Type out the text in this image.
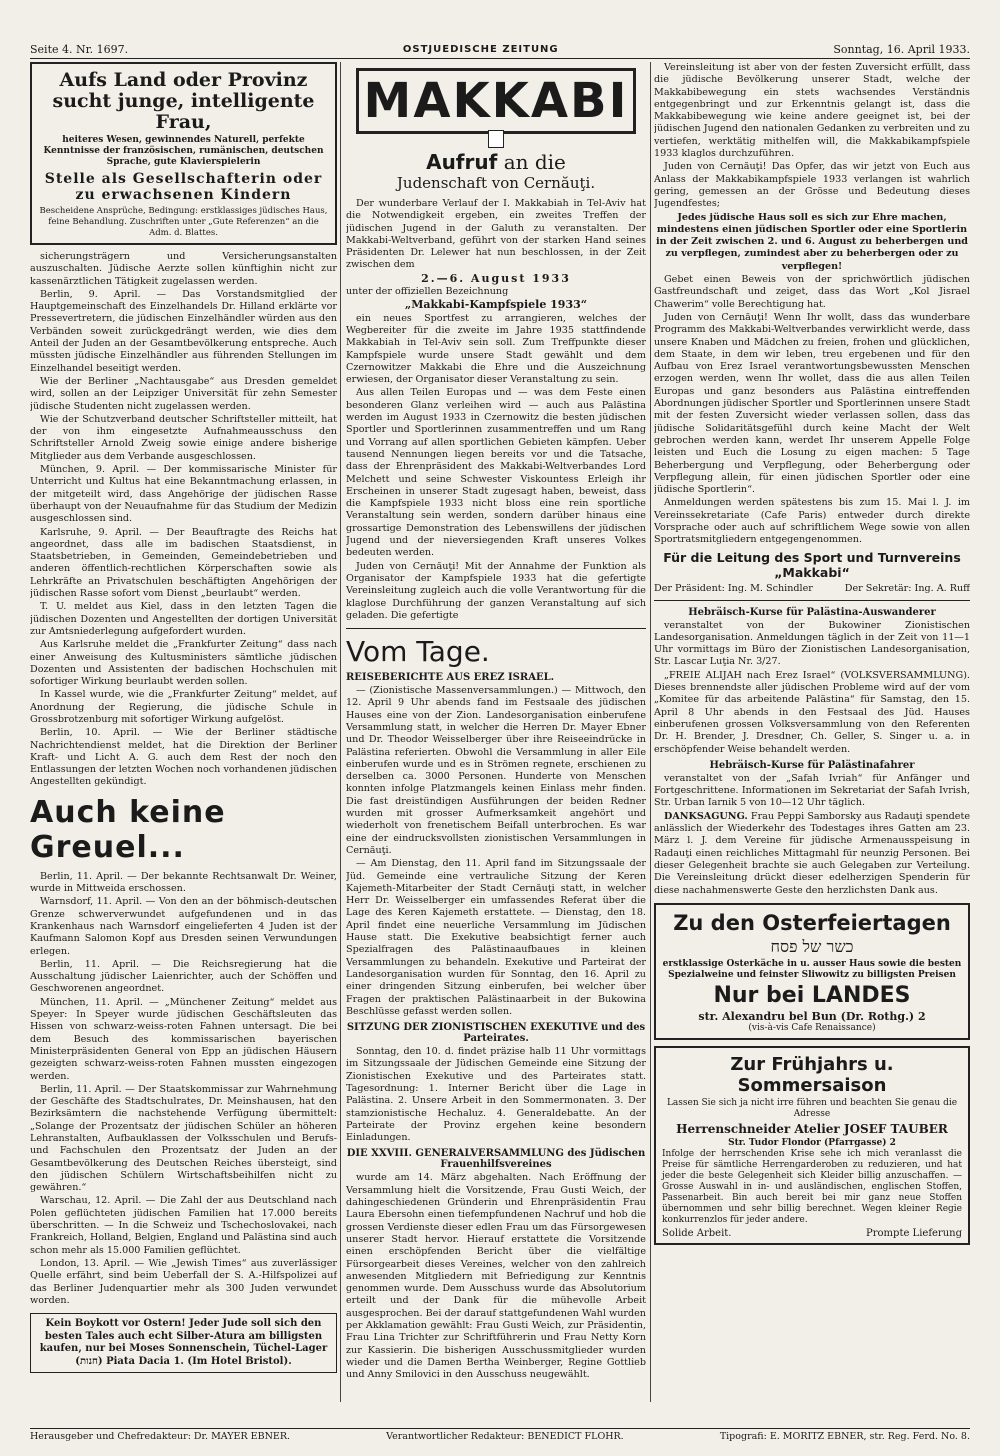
Seite 4. Nr. 1697.	OSTJUEDISCHE ZEITUNG	Sonntag, 16. April 1933.
Aufs Land oder Provinz sucht junge, intelligente Frau,
heiteres Wesen, gewinnendes Naturell, perfekte Kenntnisse der französischen, rumänischen, deutschen Sprache, gute Klavierspielerin
Stelle als Gesellschafterin oder zu erwachsenen Kindern
Bescheidene Ansprüche, Bedingung: erstklassiges jüdisches Haus, feine Behandlung. Zuschriften unter „Gute Referenzen“ an die Adm. d. Blattes.

sicherungsträgern und Versicherungsanstalten auszuschalten. Jüdische Aerzte sollen künftighin nicht zur kassenärztlichen Tätigkeit zugelassen werden.

Berlin, 9. April. — Das Vorstandsmitglied der Hauptgemeinschaft des Einzelhandels Dr. Hilland erklärte vor Pressevertretern, die jüdischen Einzelhändler würden aus den Verbänden soweit zurückgedrängt werden, wie dies dem Anteil der Juden an der Gesamtbevölkerung entspreche. Auch müssten jüdische Einzelhändler aus führenden Stellungen im Einzelhandel beseitigt werden.

Wie der Berliner „Nachtausgabe“ aus Dresden gemeldet wird, sollen an der Leipziger Universität für zehn Semester jüdische Studenten nicht zugelassen werden.

Wie der Schutzverband deutscher Schriftsteller mitteilt, hat der von ihm eingesetzte Aufnahmeausschuss den Schriftsteller Arnold Zweig sowie einige andere bisherige Mitglieder aus dem Verbande ausgeschlossen.

München, 9. April. — Der kommissarische Minister für Unterricht und Kultus hat eine Bekanntmachung erlassen, in der mitgeteilt wird, dass Angehörige der jüdischen Rasse überhaupt von der Neuaufnahme für das Studium der Medizin ausgeschlossen sind.

Karlsruhe, 9. April. — Der Beauftragte des Reichs hat angeordnet, dass alle im badischen Staatsdienst, in Staatsbetrieben, in Gemeinden, Gemeindebetrieben und anderen öffentlich-rechtlichen Körperschaften sowie als Lehrkräfte an Privatschulen beschäftigten Angehörigen der jüdischen Rasse sofort vom Dienst „beurlaubt“ werden.

T. U. meldet aus Kiel, dass in den letzten Tagen die jüdischen Dozenten und Angestellten der dortigen Universität zur Amtsniederlegung aufgefordert wurden.

Aus Karlsruhe meldet die „Frankfurter Zeitung“ dass nach einer Anweisung des Kultusministers sämtliche jüdischen Dozenten und Assistenten der badischen Hochschulen mit sofortiger Wirkung beurlaubt werden sollen.

In Kassel wurde, wie die „Frankfurter Zeitung“ meldet, auf Anordnung der Regierung, die jüdische Schule in Grossbrotzenburg mit sofortiger Wirkung aufgelöst.

Berlin, 10. April. — Wie der Berliner städtische Nachrichtendienst meldet, hat die Direktion der Berliner Kraft- und Licht A. G. auch dem Rest der noch den Entlassungen der letzten Wochen noch vorhandenen jüdischen Angestellten gekündigt.

Auch keine Greuel...

Berlin, 11. April. — Der bekannte Rechtsanwalt Dr. Weiner, wurde in Mittweida erschossen.

Warnsdorf, 11. April. — Von den an der böhmisch-deutschen Grenze schwerverwundet aufgefundenen und in das Krankenhaus nach Warnsdorf eingelieferten 4 Juden ist der Kaufmann Salomon Kopf aus Dresden seinen Verwundungen erlegen.

Berlin, 11. April. — Die Reichsregierung hat die Ausschaltung jüdischer Laienrichter, auch der Schöffen und Geschworenen angeordnet.

München, 11. April. — „Münchener Zeitung“ meldet aus Speyer: In Speyer wurde jüdischen Geschäftsleuten das Hissen von schwarz-weiss-roten Fahnen untersagt. Die bei dem Besuch des kommissarischen bayerischen Ministerpräsidenten General von Epp an jüdischen Häusern gezeigten schwarz-weiss-roten Fahnen mussten eingezogen werden.

Berlin, 11. April. — Der Staatskommissar zur Wahrnehmung der Geschäfte des Stadtschulrates, Dr. Meinshausen, hat den Bezirksämtern die nachstehende Verfügung übermittelt: „Solange der Prozentsatz der jüdischen Schüler an höheren Lehranstalten, Aufbauklassen der Volksschulen und Berufs- und Fachschulen den Prozentsatz der Juden an der Gesamtbevölkerung des Deutschen Reiches übersteigt, sind den jüdischen Schülern Wirtschaftsbeihilfen nicht zu gewähren.“

Warschau, 12. April. — Die Zahl der aus Deutschland nach Polen geflüchteten jüdischen Familien hat 17.000 bereits überschritten. — In die Schweiz und Tschechoslovakei, nach Frankreich, Holland, Belgien, England und Palästina sind auch schon mehr als 15.000 Familien geflüchtet.

London, 13. April. — Wie „Jewish Times“ aus zuverlässiger Quelle erfährt, sind beim Ueberfall der S. A.-Hilfspolizei auf das Berliner Judenquartier mehr als 300 Juden verwundet worden.

Kein Boykott vor Ostern! Jeder Jude soll sich den besten Tales auch echt Silber-Atura am billigsten kaufen, nur bei Moses Sonnenschein, Tüchel-Lager (חנות) Piata Dacia 1. (Im Hotel Bristol).
MAKKABI
Aufruf an die
Judenschaft von Cernăuţi.

Der wunderbare Verlauf der I. Makkabiah in Tel-Aviv hat die Notwendigkeit ergeben, ein zweites Treffen der jüdischen Jugend in der Galuth zu veranstalten. Der Makkabi-Weltverband, geführt von der starken Hand seines Präsidenten Dr. Lelewer hat nun beschlossen, in der Zeit zwischen dem

2.—6. August 1933

unter der offiziellen Bezeichnung

„Makkabi-Kampfspiele 1933“

ein neues Sportfest zu arrangieren, welches der Wegbereiter für die zweite im Jahre 1935 stattfindende Makkabiah in Tel-Aviv sein soll. Zum Treffpunkte dieser Kampfspiele wurde unsere Stadt gewählt und dem Czernowitzer Makkabi die Ehre und die Auszeichnung erwiesen, der Organisator dieser Veranstaltung zu sein.

Aus allen Teilen Europas und — was dem Feste einen besonderen Glanz verleihen wird — auch aus Palästina werden im August 1933 in Czernowitz die besten jüdischen Sportler und Sportlerinnen zusammentreffen und um Rang und Vorrang auf allen sportlichen Gebieten kämpfen. Ueber tausend Nennungen liegen bereits vor und die Tatsache, dass der Ehrenpräsident des Makkabi-Weltverbandes Lord Melchett und seine Schwester Viskountess Erleigh ihr Erscheinen in unserer Stadt zugesagt haben, beweist, dass die Kampfspiele 1933 nicht bloss eine rein sportliche Veranstaltung sein werden, sondern darüber hinaus eine grossartige Demonstration des Lebenswillens der jüdischen Jugend und der nieversiegenden Kraft unseres Volkes bedeuten werden.

Juden von Cernăuţi! Mit der Annahme der Funktion als Organisator der Kampfspiele 1933 hat die gefertigte Vereinsleitung zugleich auch die volle Verantwortung für die klaglose Durchführung der ganzen Veranstaltung auf sich geladen. Die gefertigte

Vom Tage.
REISEBERICHTE AUS EREZ ISRAEL.

— (Zionistische Massenversammlungen.) — Mittwoch, den 12. April 9 Uhr abends fand im Festsaale des jüdischen Hauses eine von der Zion. Landesorganisation einberufene Versammlung statt, in welcher die Herren Dr. Mayer Ebner und Dr. Theodor Weisselberger über ihre Reiseeindrücke in Palästina referierten. Obwohl die Versammlung in aller Eile einberufen wurde und es in Strömen regnete, erschienen zu derselben ca. 3000 Personen. Hunderte von Menschen konnten infolge Platzmangels keinen Einlass mehr finden. Die fast dreistündigen Ausführungen der beiden Redner wurden mit grosser Aufmerksamkeit angehört und wiederholt von frenetischem Beifall unterbrochen. Es war eine der eindrucksvollsten zionistischen Versammlungen in Cernăuţi.

— Am Dienstag, den 11. April fand im Sitzungssaale der Jüd. Gemeinde eine vertrauliche Sitzung der Keren Kajemeth-Mitarbeiter der Stadt Cernăuţi statt, in welcher Herr Dr. Weisselberger ein umfassendes Referat über die Lage des Keren Kajemeth erstattete. — Dienstag, den 18. April findet eine neuerliche Versammlung im Jüdischen Hause statt. Die Exekutive beabsichtigt ferner auch Spezialfragen des Palästinaaufbaues in kleinen Versammlungen zu behandeln. Exekutive und Parteirat der Landesorganisation wurden für Sonntag, den 16. April zu einer dringenden Sitzung einberufen, bei welcher über Fragen der praktischen Palästinaarbeit in der Bukowina Beschlüsse gefasst werden sollen.

SITZUNG DER ZIONISTISCHEN EXEKUTIVE und des Parteirates.

Sonntag, den 10. d. findet präzise halb 11 Uhr vormittags im Sitzungssaale der Jüdischen Gemeinde eine Sitzung der Zionistischen Exekutive und des Parteirates statt. Tagesordnung: 1. Interner Bericht über die Lage in Palästina. 2. Unsere Arbeit in den Sommermonaten. 3. Der stamzionistische Hechaluz. 4. Generaldebatte. An der Parteirate der Provinz ergehen keine besondern Einladungen.

DIE XXVIII. GENERALVERSAMMLUNG des Jüdischen Frauenhilfsvereines

wurde am 14. März abgehalten. Nach Eröffnung der Versammlung hielt die Vorsitzende, Frau Gusti Weich, der dahingeschiedenen Gründerin und Ehrenpräsidentin Frau Laura Ebersohn einen tiefempfundenen Nachruf und hob die grossen Verdienste dieser edlen Frau um das Fürsorgewesen unserer Stadt hervor. Hierauf erstattete die Vorsitzende einen erschöpfenden Bericht über die vielfältige Fürsorgearbeit dieses Vereines, welcher von den zahlreich anwesenden Mitgliedern mit Befriedigung zur Kenntnis genommen wurde. Dem Ausschuss wurde das Absolutorium erteilt und der Dank für die mühevolle Arbeit ausgesprochen. Bei der darauf stattgefundenen Wahl wurden per Akklamation gewählt: Frau Gusti Weich, zur Präsidentin, Frau Lina Trichter zur Schriftführerin und Frau Netty Korn zur Kassierin. Die bisherigen Ausschussmitglieder wurden wieder und die Damen Bertha Weinberger, Regine Gottlieb und Anny Smilovici in den Ausschuss neugewählt.

Vereinsleitung ist aber von der festen Zuversicht erfüllt, dass die jüdische Bevölkerung unserer Stadt, welche der Makkabibewegung ein stets wachsendes Verständnis entgegenbringt und zur Erkenntnis gelangt ist, dass die Makkabibewegung wie keine andere geeignet ist, bei der jüdischen Jugend den nationalen Gedanken zu verbreiten und zu vertiefen, werktätig mithelfen will, die Makkabikampfspiele 1933 klaglos durchzuführen.

Juden von Cernăuţi! Das Opfer, das wir jetzt von Euch aus Anlass der Makkabikampfspiele 1933 verlangen ist wahrlich gering, gemessen an der Grösse und Bedeutung dieses Jugendfestes;

Jedes jüdische Haus soll es sich zur Ehre machen, mindestens einen jüdischen Sportler oder eine Sportlerin in der Zeit zwischen 2. und 6. August zu beherbergen und zu verpflegen, zumindest aber zu beherbergen oder zu verpflegen!

Gebet einen Beweis von der sprichwörtlich jüdischen Gastfreundschaft und zeiget, dass das Wort „Kol Jisrael Chawerim“ volle Berechtigung hat.

Juden von Cernăuţi! Wenn Ihr wollt, dass das wunderbare Programm des Makkabi-Weltverbandes verwirklicht werde, dass unsere Knaben und Mädchen zu freien, frohen und glücklichen, dem Staate, in dem wir leben, treu ergebenen und für den Aufbau von Erez Israel verantwortungsbewussten Menschen erzogen werden, wenn Ihr wollet, dass die aus allen Teilen Europas und ganz besonders aus Palästina eintreffenden Abordnungen jüdischer Sportler und Sportlerinnen unsere Stadt mit der festen Zuversicht wieder verlassen sollen, dass das jüdische Solidaritätsgefühl durch keine Macht der Welt gebrochen werden kann, werdet Ihr unserem Appelle Folge leisten und Euch die Losung zu eigen machen: 5 Tage Beherbergung und Verpflegung, oder Beherbergung oder Verpflegung allein, für einen jüdischen Sportler oder eine jüdische Sportlerin“.

Anmeldungen werden spätestens bis zum 15. Mai l. J. im Vereinssekretariate (Cafe Paris) entweder durch direkte Vorsprache oder auch auf schriftlichem Wege sowie von allen Sportratsmitgliedern entgegengenommen.

Für die Leitung des Sport und Turnvereins „Makkabi“
Der Präsident: Ing. M. Schindler	Der Sekretär: Ing. A. Ruff
Hebräisch-Kurse für Palästina-Auswanderer

veranstaltet von der Bukowiner Zionistischen Landesorganisation. Anmeldungen täglich in der Zeit von 11—1 Uhr vormittags im Büro der Zionistischen Landesorganisation, Str. Lascar Luţia Nr. 3/27.

„FREIE ALIJAH nach Erez Israel“ (VOLKSVERSAMMLUNG). Dieses brennendste aller jüdischen Probleme wird auf der vom „Komitee für das arbeitende Palästina“ für Samstag, den 15. April 8 Uhr abends in den Festsaal des Jüd. Hauses einberufenen grossen Volksversammlung von den Referenten Dr. H. Brender, J. Dresdner, Ch. Geller, S. Singer u. a. in erschöpfender Weise behandelt werden.

Hebräisch-Kurse für Palästinafahrer

veranstaltet von der „Safah Ivriah“ für Anfänger und Fortgeschrittene. Informationen im Sekretariat der Safah Ivrish, Str. Urban Iarnik 5 von 10—12 Uhr täglich.

DANKSAGUNG. Frau Peppi Samborsky aus Radauţi spendete anlässlich der Wiederkehr des Todestages ihres Gatten am 23. März l. J. dem Vereine für jüdische Armenausspeisung in Radauţi einen reichliches Mittagmahl für neunzig Personen. Bei dieser Gelegenheit brachte sie auch Gelegaben zur Verteilung. Die Vereinsleitung drückt dieser edelherzigen Spenderin für diese nachahmenswerte Geste den herzlichsten Dank aus.

Zu den Osterfeiertagen
כשר של פסח
erstklassige Osterkäche in u. ausser Haus sowie die besten Spezialweine und feinster Sliwowitz zu billigsten Preisen
Nur bei LANDES
str. Alexandru bel Bun (Dr. Rothg.) 2
(vis-à-vis Cafe Renaissance)
Zur Frühjahrs u. Sommersaison
Lassen Sie sich ja nicht irre führen und beachten Sie genau die Adresse
Herrenschneider Atelier JOSEF TAUBER
Str. Tudor Flondor (Pfarrgasse) 2
Infolge der herrschenden Krise sehe ich mich veranlasst die Preise für sämtliche Herrengarderoben zu reduzieren, und hat jeder die beste Gelegenheit sich Kleider billig anzuschaffen. — Grosse Auswahl in in- und ausländischen, englischen Stoffen, Passenarbeit. Bin auch bereit bei mir ganz neue Stoffen übernommen und sehr billig berechnet. Wegen kleiner Regie konkurrenzlos für jeder andere.
Solide Arbeit.	Prompte Lieferung
Herausgeber und Chefredakteur: Dr. MAYER EBNER.	Verantwortlicher Redakteur: BENEDICT FLOHR.	Tipografi: E. MORITZ EBNER, str. Reg. Ferd. No. 8.
